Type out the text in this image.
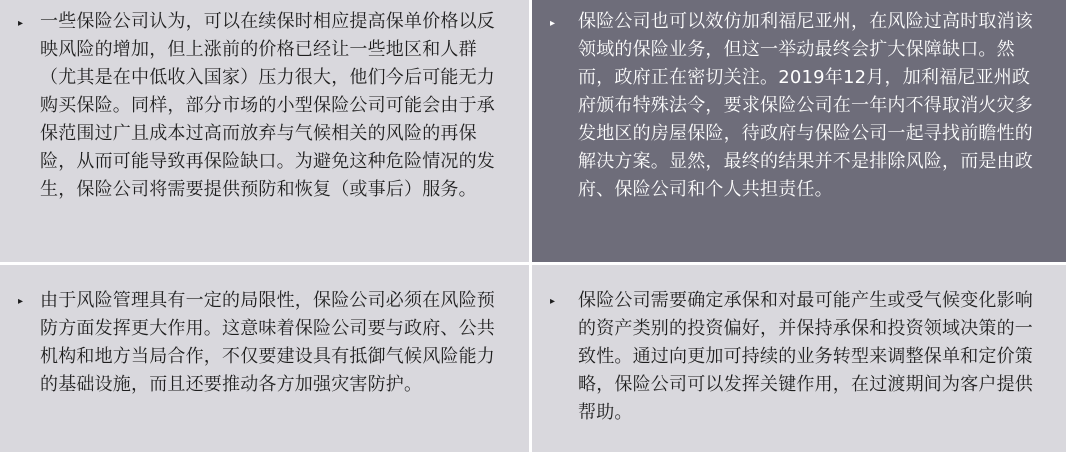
▸ 一些保险公司认为，可以在续保时相应提高保单价格以反映风险的增加，但上涨前的价格已经让一些地区和人群（尤其是在中低收入国家）压力很大，他们今后可能无力购买保险。同样，部分市场的小型保险公司可能会由于承保范围过广且成本过高而放弃与气候相关的风险的再保险，从而可能导致再保险缺口。为避免这种危险情况的发生，保险公司将需要提供预防和恢复（或事后）服务。
▸ 保险公司也可以效仿加利福尼亚州，在风险过高时取消该领域的保险业务，但这一举动最终会扩大保障缺口。然而，政府正在密切关注。2019年12月，加利福尼亚州政府颁布特殊法令，要求保险公司在一年内不得取消火灾多发地区的房屋保险，待政府与保险公司一起寻找前瞻性的解决方案。显然，最终的结果并不是排除风险，而是由政府、保险公司和个人共担责任。
▸ 由于风险管理具有一定的局限性，保险公司必须在风险预防方面发挥更大作用。这意味着保险公司要与政府、公共机构和地方当局合作，不仅要建设具有抵御气候风险能力的基础设施，而且还要推动各方加强灾害防护。
▸ 保险公司需要确定承保和对最可能产生或受气候变化影响的资产类别的投资偏好，并保持承保和投资领域决策的一致性。通过向更加可持续的业务转型来调整保单和定价策略，保险公司可以发挥关键作用，在过渡期间为客户提供帮助。
